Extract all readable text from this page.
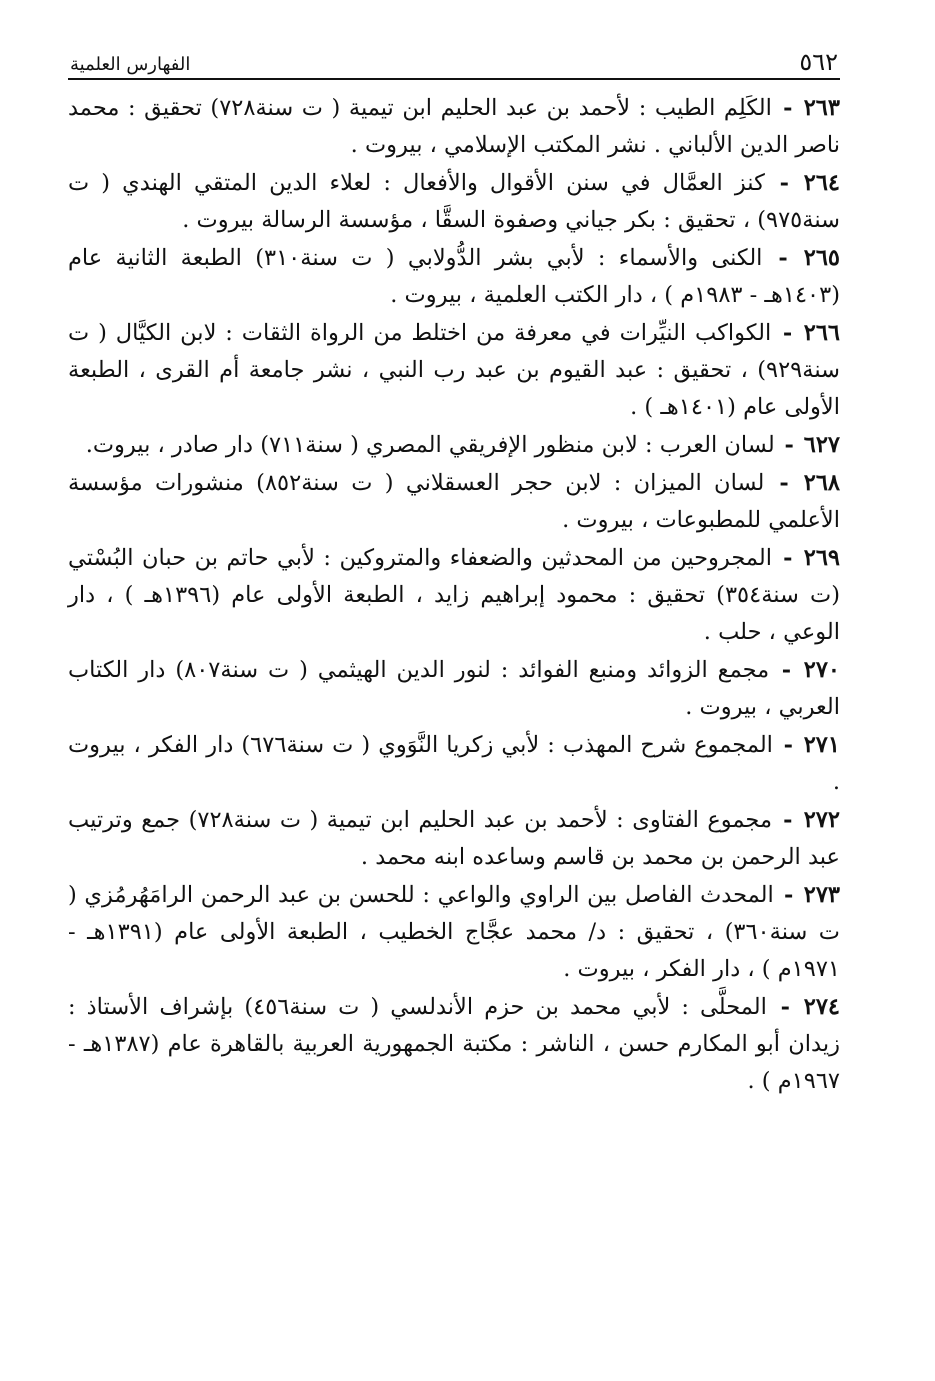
٥٦٢
الفهارس العلمية

٢٦٣ - الكَلِم الطيب : لأحمد بن عبد الحليم ابن تيمية ( ت سنة٧٢٨) تحقيق : محمد ناصر الدين الألباني . نشر المكتب الإسلامي ، بيروت .

٢٦٤ - كنز العمَّال في سنن الأقوال والأفعال : لعلاء الدين المتقي الهندي ( ت سنة٩٧٥) ، تحقيق : بكر جياني وصفوة السقَّا ، مؤسسة الرسالة بيروت .

٢٦٥ - الكنى والأسماء : لأبي بشر الدُّولابي ( ت سنة٣١٠) الطبعة الثانية عام (١٤٠٣هـ - ١٩٨٣م ) ، دار الكتب العلمية ، بيروت .

٢٦٦ - الكواكب النيِّرات في معرفة من اختلط من الرواة الثقات : لابن الكيَّال ( ت سنة٩٢٩) ، تحقيق : عبد القيوم بن عبد رب النبي ، نشر جامعة أم القرى ، الطبعة الأولى عام (١٤٠١هـ ) .

٦٢٧ - لسان العرب : لابن منظور الإفريقي المصري ( سنة٧١١) دار صادر ، بيروت.

٢٦٨ - لسان الميزان : لابن حجر العسقلاني ( ت سنة٨٥٢) منشورات مؤسسة الأعلمي للمطبوعات ، بيروت .

٢٦٩ - المجروحين من المحدثين والضعفاء والمتروكين : لأبي حاتم بن حبان البُسْتي (ت سنة٣٥٤) تحقيق : محمود إبراهيم زايد ، الطبعة الأولى عام (١٣٩٦هـ ) ، دار الوعي ، حلب .

٢٧٠ - مجمع الزوائد ومنبع الفوائد : لنور الدين الهيثمي ( ت سنة٨٠٧) دار الكتاب العربي ، بيروت .

٢٧١ - المجموع شرح المهذب : لأبي زكريا النَّوَوي ( ت سنة٦٧٦) دار الفكر ، بيروت .

٢٧٢ - مجموع الفتاوى : لأحمد بن عبد الحليم ابن تيمية ( ت سنة٧٢٨) جمع وترتيب عبد الرحمن بن محمد بن قاسم وساعده ابنه محمد .

٢٧٣ - المحدث الفاصل بين الراوي والواعي : للحسن بن عبد الرحمن الرامَهُرمُزي ( ت سنة٣٦٠) ، تحقيق : د/ محمد عجَّاج الخطيب ، الطبعة الأولى عام (١٣٩١هـ - ١٩٧١م ) ، دار الفكر ، بيروت .

٢٧٤ - المحلَّى : لأبي محمد بن حزم الأندلسي ( ت سنة٤٥٦) بإشراف الأستاذ : زيدان أبو المكارم حسن ، الناشر : مكتبة الجمهورية العربية بالقاهرة عام (١٣٨٧هـ - ١٩٦٧م ) .
